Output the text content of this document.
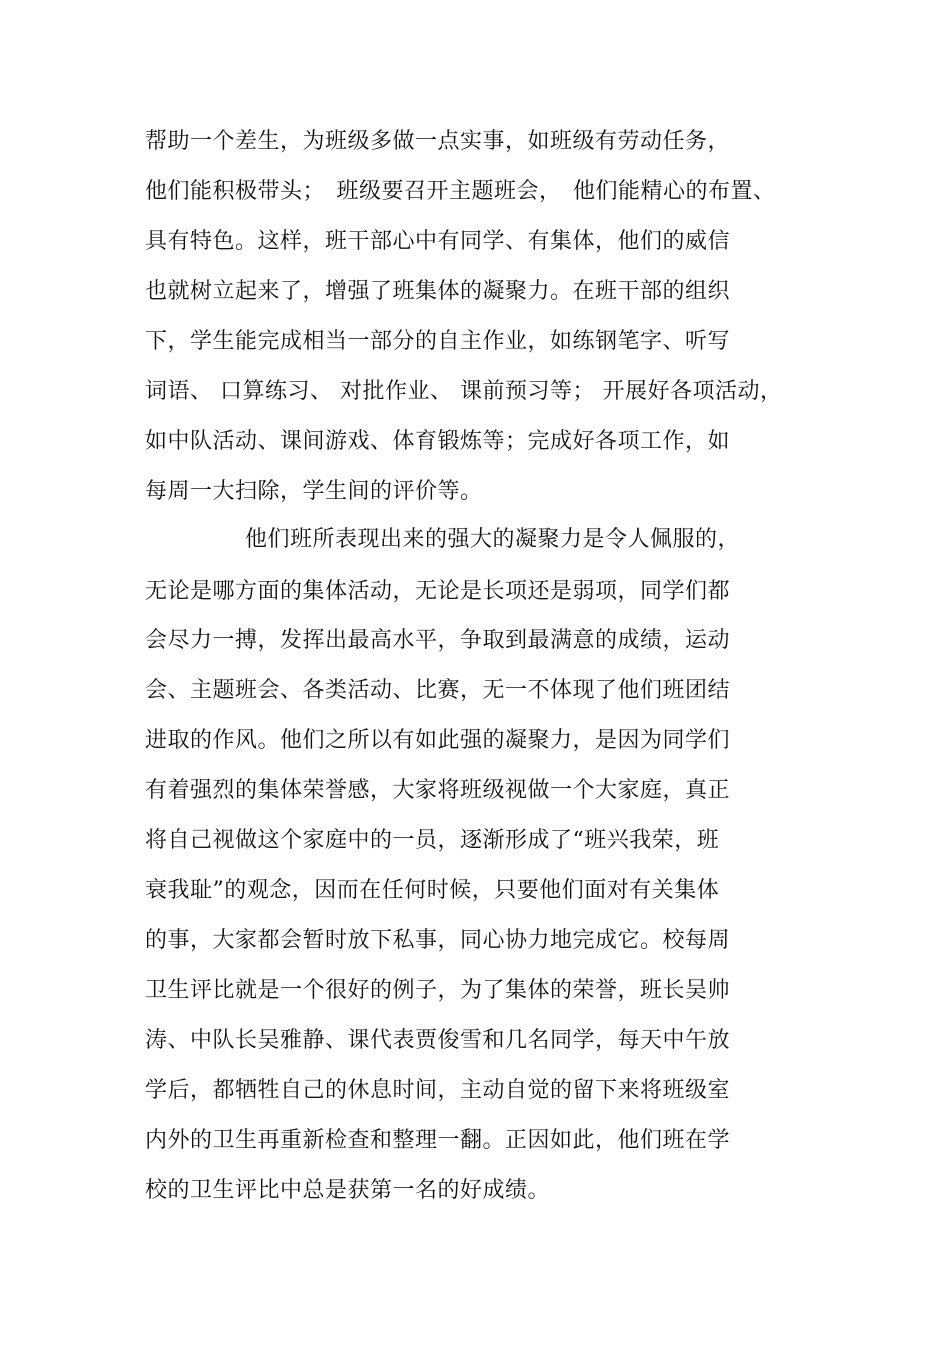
帮助一个差生，为班级多做一点实事，如班级有劳动任务，
他们能积极带头；　班级要召开主题班会，　他们能精心的布置、
具有特色。这样，班干部心中有同学、有集体，他们的威信
也就树立起来了，增强了班集体的凝聚力。在班干部的组织
下，学生能完成相当一部分的自主作业，如练钢笔字、听写
词语、 口算练习、 对批作业、 课前预习等； 开展好各项活动，
如中队活动、课间游戏、体育锻炼等；完成好各项工作，如
每周一大扫除，学生间的评价等。
他们班所表现出来的强大的凝聚力是令人佩服的，
无论是哪方面的集体活动，无论是长项还是弱项，同学们都
会尽力一搏，发挥出最高水平，争取到最满意的成绩，运动
会、主题班会、各类活动、比赛，无一不体现了他们班团结
进取的作风。他们之所以有如此强的凝聚力，是因为同学们
有着强烈的集体荣誉感，大家将班级视做一个大家庭，真正
将自己视做这个家庭中的一员，逐渐形成了“班兴我荣，班
衰我耻”的观念，因而在任何时候，只要他们面对有关集体
的事，大家都会暂时放下私事，同心协力地完成它。校每周
卫生评比就是一个很好的例子，为了集体的荣誉，班长吴帅
涛、中队长吴雅静、课代表贾俊雪和几名同学，每天中午放
学后，都牺牲自己的休息时间，主动自觉的留下来将班级室
内外的卫生再重新检查和整理一翻。正因如此，他们班在学
校的卫生评比中总是获第一名的好成绩。
